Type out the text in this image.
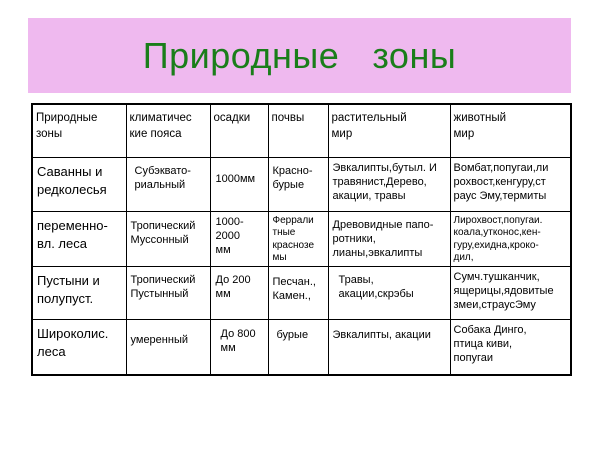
Природные  зоны
Природные
зоны	климатичес
кие пояса	осадки	почвы	растительный
мир	животный
мир

Саванны и
редколесья	Субэквато-
риальный	1000мм	Красно-
бурые	Эвкалипты,бутыл. И
травянист,Дерево,
акации, травы	Вомбат,попугаи,ли
рохвост,кенгуру,ст
раус Эму,термиты

переменно-
вл. леса	Тропический
Муссонный	1000-
2000
мм	Феррали
тные
краснозе
мы	Древовидные папо-
ротники,
лианы,эвкалипты	Лирохвост,попугаи.
коала,утконос,кен-
гуру,ехидна,кроко-
дил,

Пустыни и
полупуст.	Тропический
Пустынный	До 200
мм	Песчан.,
Камен.,	Травы,
акации,скрэбы	Сумч.тушканчик,
ящерицы,ядовитые
змеи,страусЭму

Широколис.
леса	умеренный	До 800
мм	бурые	Эвкалипты, акации	Собака Динго,
птица киви,
попугаи
